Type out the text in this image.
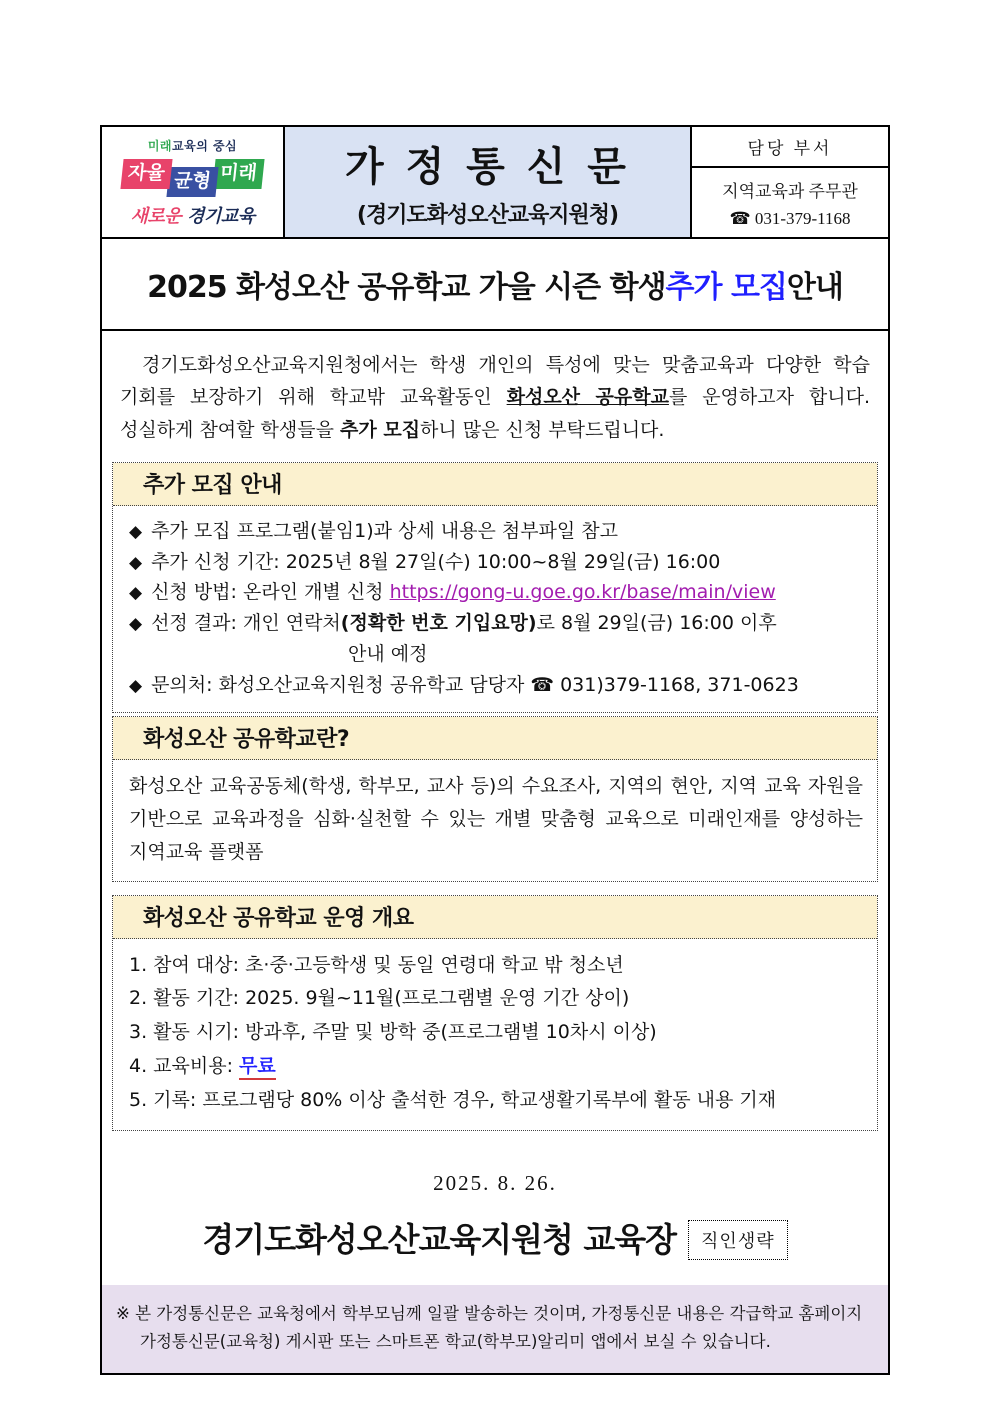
미래교육의 중심
자율 균형 미래
새로운 경기교육
가 정 통 신 문
(경기도화성오산교육지원청)
담당 부서
지역교육과 주무관
☎ 031-379-1168
2025 화성오산 공유학교 가을 시즌 학생 추가 모집 안내

경기도화성오산교육지원청에서는 학생 개인의 특성에 맞는 맞춤교육과 다양한 학습 기회를 보장하기 위해 학교밖 교육활동인 화성오산 공유학교를 운영하고자 합니다. 성실하게 참여할 학생들을 추가 모집하니 많은 신청 부탁드립니다.

추가 모집 안내

◆ 추가 모집 프로그램(붙임1)과 상세 내용은 첨부파일 참고

◆ 추가 신청 기간: 2025년 8월 27일(수) 10:00~8월 29일(금) 16:00

◆ 신청 방법: 온라인 개별 신청 https://gong-u.goe.go.kr/base/main/view

◆ 선정 결과: 개인 연락처(정확한 번호 기입요망)로 8월 29일(금) 16:00 이후

안내 예정

◆ 문의처: 화성오산교육지원청 공유학교 담당자 ☎ 031)379-1168, 371-0623

화성오산 공유학교란?

화성오산 교육공동체(학생, 학부모, 교사 등)의 수요조사, 지역의 현안, 지역 교육 자원을 기반으로 교육과정을 심화·실천할 수 있는 개별 맞춤형 교육으로 미래인재를 양성하는 지역교육 플랫폼

화성오산 공유학교 운영 개요

1. 참여 대상: 초·중·고등학생 및 동일 연령대 학교 밖 청소년

2. 활동 기간: 2025. 9월~11월(프로그램별 운영 기간 상이)

3. 활동 시기: 방과후, 주말 및 방학 중(프로그램별 10차시 이상)

4. 교육비용: 무료

5. 기록: 프로그램당 80% 이상 출석한 경우, 학교생활기록부에 활동 내용 기재

2025. 8. 26.
경기도화성오산교육지원청 교육장 직인생략
※ 본 가정통신문은 교육청에서 학부모님께 일괄 발송하는 것이며, 가정통신문 내용은 각급학교 홈페이지
가정통신문(교육청) 게시판 또는 스마트폰 학교(학부모)알리미 앱에서 보실 수 있습니다.
